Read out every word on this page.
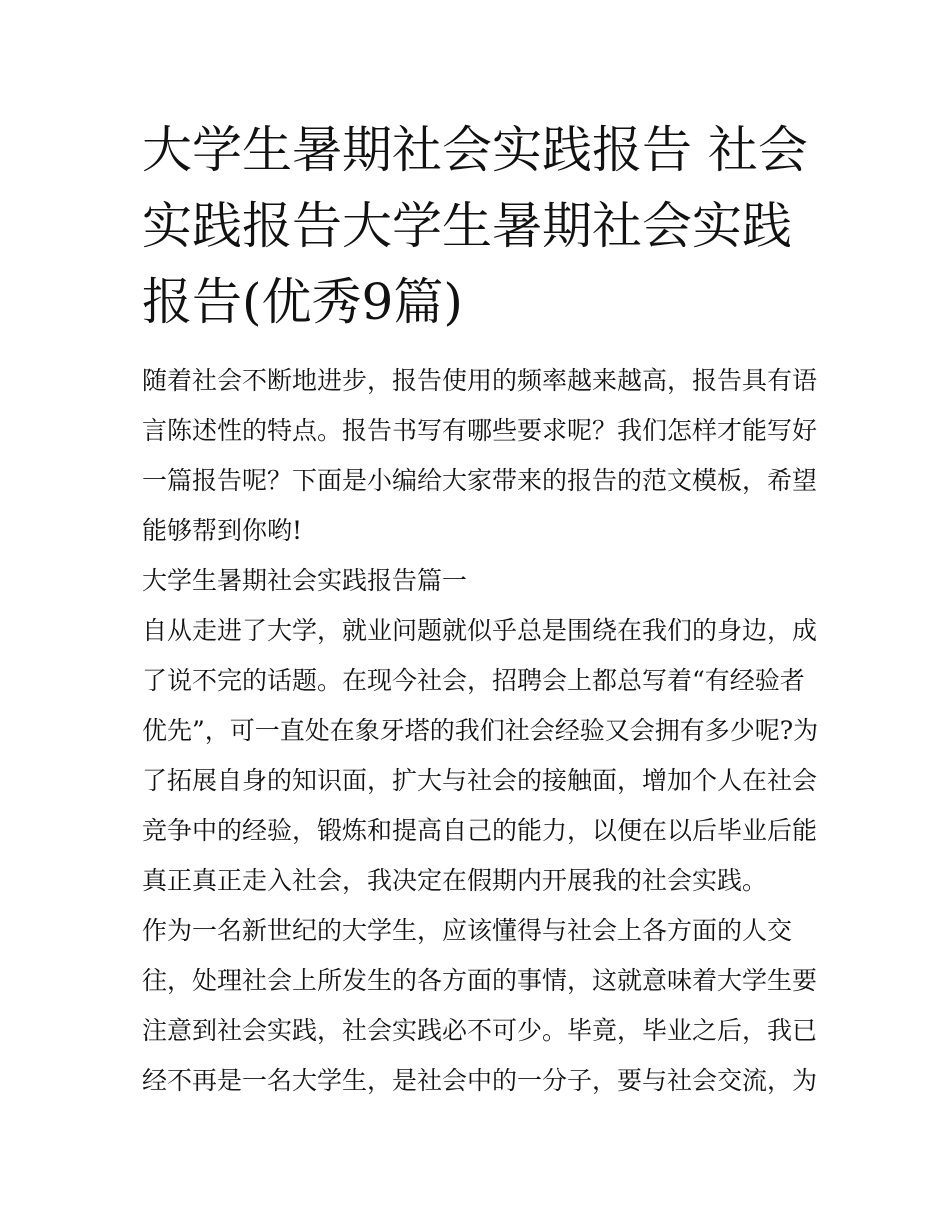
大学生暑期社会实践报告 社会
实践报告大学生暑期社会实践
报告(优秀9篇)

随着社会不断地进步，报告使用的频率越来越高，报告具有语

言陈述性的特点。报告书写有哪些要求呢？我们怎样才能写好

一篇报告呢？下面是小编给大家带来的报告的范文模板，希望

能够帮到你哟!

大学生暑期社会实践报告篇一

自从走进了大学，就业问题就似乎总是围绕在我们的身边，成

了说不完的话题。在现今社会，招聘会上都总写着“有经验者

优先”，可一直处在象牙塔的我们社会经验又会拥有多少呢?为

了拓展自身的知识面，扩大与社会的接触面，增加个人在社会

竞争中的经验，锻炼和提高自己的能力，以便在以后毕业后能

真正真正走入社会，我决定在假期内开展我的社会实践。

作为一名新世纪的大学生，应该懂得与社会上各方面的人交

往，处理社会上所发生的各方面的事情，这就意味着大学生要

注意到社会实践，社会实践必不可少。毕竟，毕业之后，我已

经不再是一名大学生，是社会中的一分子，要与社会交流，为
